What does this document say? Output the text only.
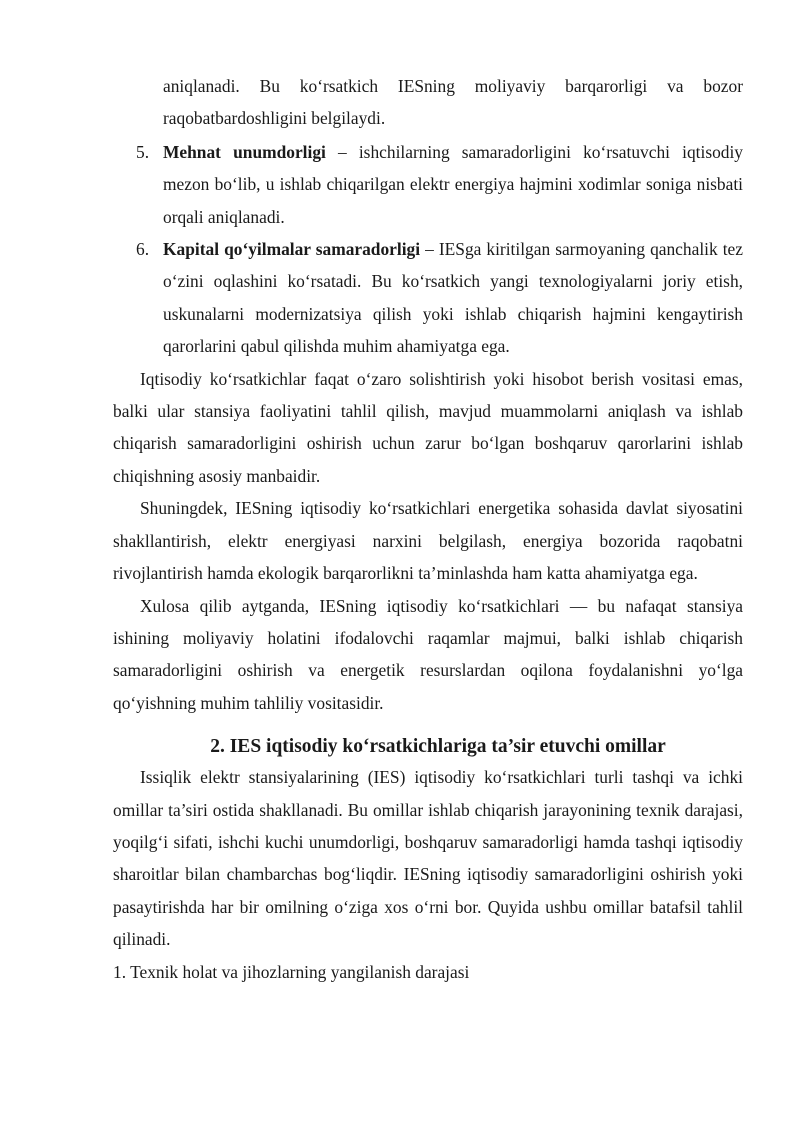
aniqlanadi. Bu ko‘rsatkich IESning moliyaviy barqarorligi va bozor raqobatbardoshligini belgilaydi.

5. Mehnat unumdorligi – ishchilarning samaradorligini ko‘rsatuvchi iqtisodiy mezon bo‘lib, u ishlab chiqarilgan elektr energiya hajmini xodimlar soniga nisbati orqali aniqlanadi.

6. Kapital qo‘yilmalar samaradorligi – IESga kiritilgan sarmoyaning qanchalik tez o‘zini oqlashini ko‘rsatadi. Bu ko‘rsatkich yangi texnologiyalarni joriy etish, uskunalarni modernizatsiya qilish yoki ishlab chiqarish hajmini kengaytirish qarorlarini qabul qilishda muhim ahamiyatga ega.

Iqtisodiy ko‘rsatkichlar faqat o‘zaro solishtirish yoki hisobot berish vositasi emas, balki ular stansiya faoliyatini tahlil qilish, mavjud muammolarni aniqlash va ishlab chiqarish samaradorligini oshirish uchun zarur bo‘lgan boshqaruv qarorlarini ishlab chiqishning asosiy manbaidir.

Shuningdek, IESning iqtisodiy ko‘rsatkichlari energetika sohasida davlat siyosatini shakllantirish, elektr energiyasi narxini belgilash, energiya bozorida raqobatni rivojlantirish hamda ekologik barqarorlikni ta’minlashda ham katta ahamiyatga ega.

Xulosa qilib aytganda, IESning iqtisodiy ko‘rsatkichlari — bu nafaqat stansiya ishining moliyaviy holatini ifodalovchi raqamlar majmui, balki ishlab chiqarish samaradorligini oshirish va energetik resurslardan oqilona foydalanishni yo‘lga qo‘yishning muhim tahliliy vositasidir.

2. IES iqtisodiy ko‘rsatkichlariga ta’sir etuvchi omillar

Issiqlik elektr stansiyalarining (IES) iqtisodiy ko‘rsatkichlari turli tashqi va ichki omillar ta’siri ostida shakllanadi. Bu omillar ishlab chiqarish jarayonining texnik darajasi, yoqilg‘i sifati, ishchi kuchi unumdorligi, boshqaruv samaradorligi hamda tashqi iqtisodiy sharoitlar bilan chambarchas bog‘liqdir. IESning iqtisodiy samaradorligini oshirish yoki pasaytirishda har bir omilning o‘ziga xos o‘rni bor. Quyida ushbu omillar batafsil tahlil qilinadi.

1. Texnik holat va jihozlarning yangilanish darajasi
